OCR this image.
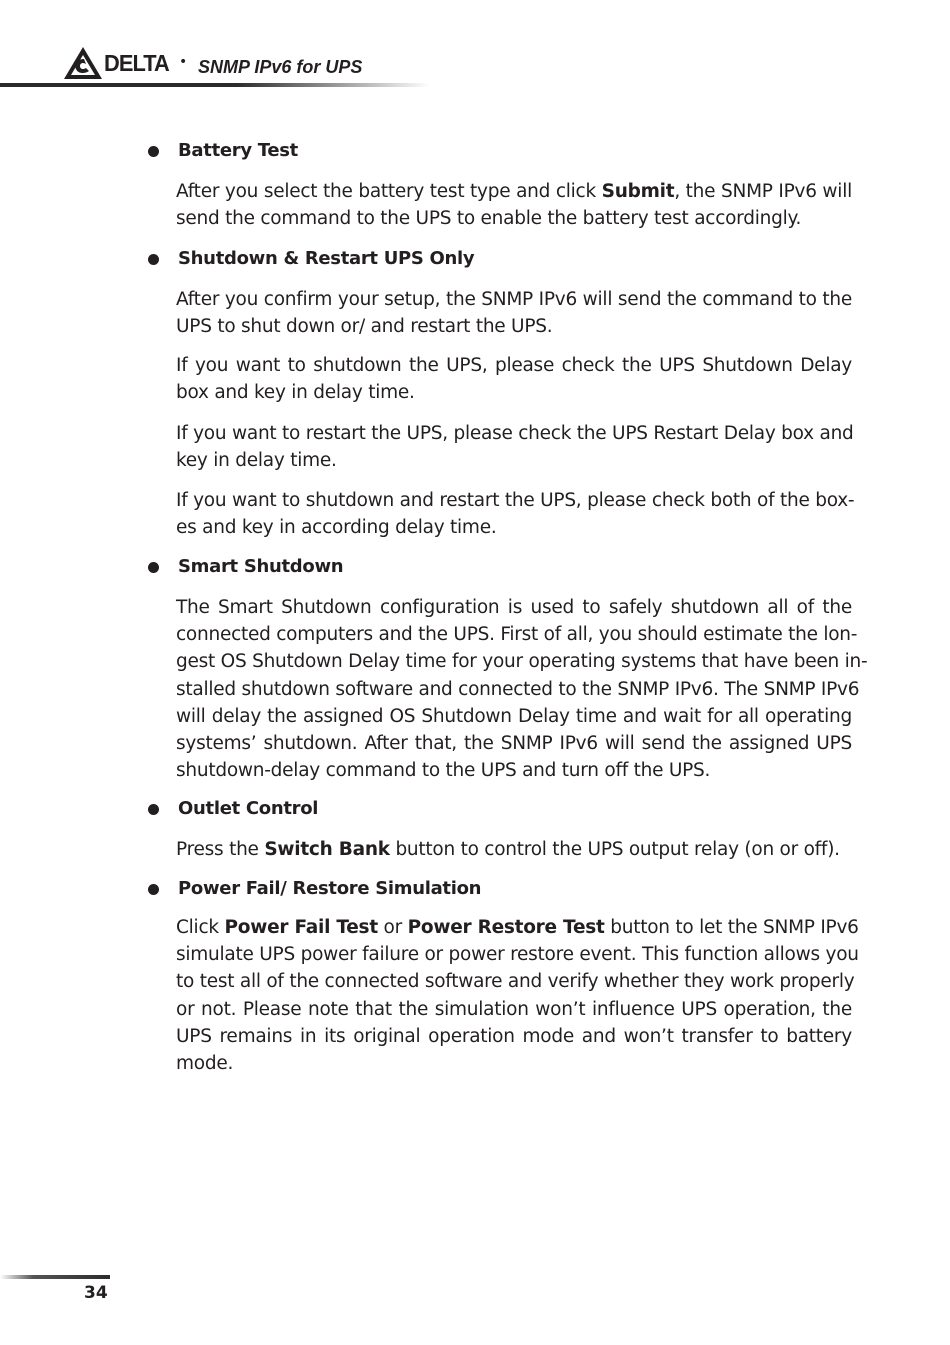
DELTA • SNMP IPv6 for UPS
Battery Test
After you select the battery test type and click Submit, the SNMP IPv6 will
send the command to the UPS to enable the battery test accordingly.
Shutdown & Restart UPS Only
After you confirm your setup, the SNMP IPv6 will send the command to the
UPS to shut down or/ and restart the UPS.
If you want to shutdown the UPS, please check the UPS Shutdown Delay
box and key in delay time.
If you want to restart the UPS, please check the UPS Restart Delay box and
key in delay time.
If you want to shutdown and restart the UPS, please check both of the box-
es and key in according delay time.
Smart Shutdown
The Smart Shutdown configuration is used to safely shutdown all of the
connected computers and the UPS. First of all, you should estimate the lon-
gest OS Shutdown Delay time for your operating systems that have been in-
stalled shutdown software and connected to the SNMP IPv6. The SNMP IPv6
will delay the assigned OS Shutdown Delay time and wait for all operating
systems’ shutdown. After that, the SNMP IPv6 will send the assigned UPS
shutdown-delay command to the UPS and turn off the UPS.
Outlet Control
Press the Switch Bank button to control the UPS output relay (on or off).
Power Fail/ Restore Simulation
Click Power Fail Test or Power Restore Test button to let the SNMP IPv6
simulate UPS power failure or power restore event. This function allows you
to test all of the connected software and verify whether they work properly
or not. Please note that the simulation won’t influence UPS operation, the
UPS remains in its original operation mode and won’t transfer to battery
mode.
34
